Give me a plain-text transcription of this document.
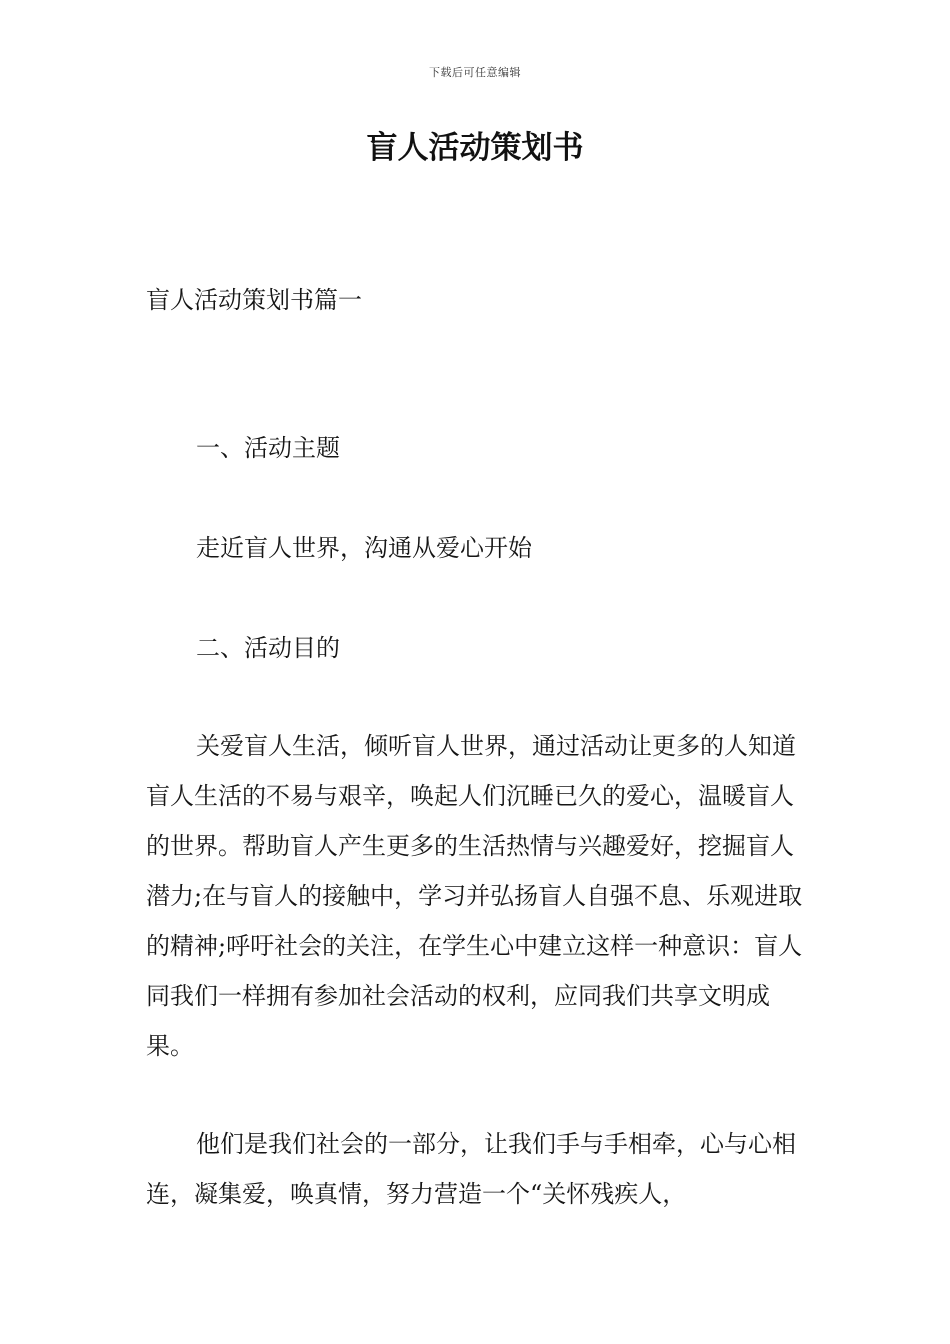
下载后可任意编辑
盲人活动策划书

盲人活动策划书篇一

一、活动主题

走近盲人世界，沟通从爱心开始

二、活动目的

关爱盲人生活，倾听盲人世界，通过活动让更多的人知道盲人生活的不易与艰辛，唤起人们沉睡已久的爱心，温暖盲人的世界。帮助盲人产生更多的生活热情与兴趣爱好，挖掘盲人潜力;在与盲人的接触中，学习并弘扬盲人自强不息、乐观进取的精神;呼吁社会的关注，在学生心中建立这样一种意识：盲人同我们一样拥有参加社会活动的权利，应同我们共享文明成果。

他们是我们社会的一部分，让我们手与手相牵，心与心相连，凝集爱，唤真情，努力营造一个“关怀残疾人，
